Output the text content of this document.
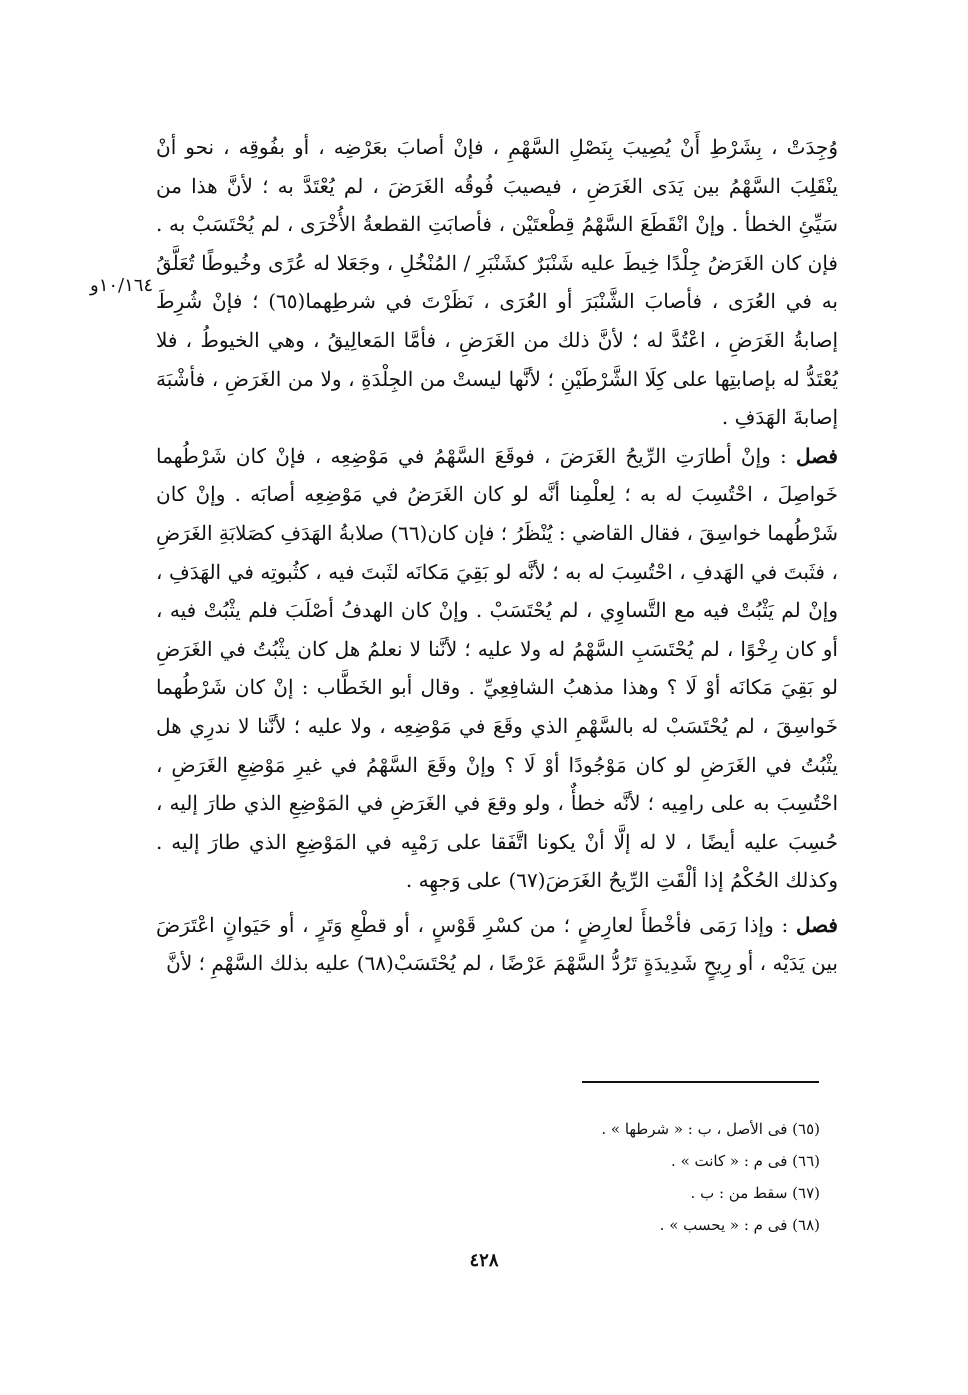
١٠/١٦٤و

وُجِدَتْ ، بِشَرْطِ أَنْ يُصِيبَ بِنَصْلِ السَّهْمِ ، فإنْ أصابَ بعَرْضِه ، أو بفُوقِه ، نحو أنْ ينْقَلِبَ السَّهْمُ بين يَدَى الغَرَضِ ، فيصيبَ فُوقُه الغَرَضَ ، لم يُعْتَدَّ به ؛ لأنَّ هذا من سَيِّئِ الخطأ . وإنْ انْقَطَعَ السَّهْمُ قِطْعتَيْن ، فأصابَتِ القطعةُ الأُخْرَى ، لم يُحْتَسَبْ به . فإن كان الغَرَضُ جِلْدًا خِيطَ عليه شَنْبَرٌ كشَنْبَرِ / المُنْخُلِ ، وجَعَلا له عُرًى وخُيوطًا تُعَلَّقُ به في العُرَى ، فأصابَ الشَّنْبَرَ أو العُرَى ، نَظَرْتَ في شرطِهما(٦٥) ؛ فإنْ شُرِطَ إصابةُ الغَرَضِ ، اعْتُدَّ له ؛ لأنَّ ذلك من الغَرَضِ ، فأمَّا المَعالِيقُ ، وهي الخيوطُ ، فلا يُعْتَدُّ له بإصابتِها على كِلَا الشَّرْطَيْنِ ؛ لأنَّها ليستْ من الجِلْدَةِ ، ولا من الغَرَضِ ، فأشْبَهَ إصابةَ الهَدَفِ .

فصل : وإنْ أطارَتِ الرِّيحُ الغَرَضَ ، فوقَعَ السَّهْمُ في مَوْضِعِه ، فإنْ كان شَرْطُهما خَواصِلَ ، احْتُسِبَ له به ؛ لِعلْمِنا أنَّه لو كان الغَرَضُ في مَوْضِعِه أصابَه . وإنْ كان شَرْطُهما خواسِقَ ، فقال القاضي : يُنْظَرُ ؛ فإن كان(٦٦) صلابةُ الهَدَفِ كصَلابَةِ الغَرَضِ ، فثَبتَ في الهَدفِ ، احْتُسِبَ له به ؛ لأنَّه لو بَقِيَ مَكانَه لثَبتَ فيه ، كثُبوتِه في الهَدَفِ ، وإنْ لم يَثْبُتْ فيه مع التَّساوِي ، لم يُحْتَسَبْ . وإنْ كان الهدفُ أصْلَبَ فلم يثْبُتْ فيه ، أو كان رِخْوًا ، لم يُحْتَسَبِ السَّهْمُ له ولا عليه ؛ لأنَّنا لا نعلمُ هل كان يثْبُتُ في الغَرَضِ لو بَقِيَ مَكانَه أوْ لَا ؟ وهذا مذهبُ الشافِعِيِّ . وقال أبو الخَطَّاب : إنْ كان شَرْطُهما خَواسِقَ ، لم يُحْتَسَبْ له بالسَّهْمِ الذي وقَعَ في مَوْضِعِه ، ولا عليه ؛ لأنَّنا لا ندرِي هل يثْبُتُ في الغَرَضِ لو كان مَوْجُودًا أوْ لَا ؟ وإنْ وقَعَ السَّهْمُ في غيرِ مَوْضِعِ الغَرَضِ ، احْتُسِبَ به على رامِيه ؛ لأنَّه خطأٌ ، ولو وقعَ في الغَرَضِ في المَوْضِعِ الذي طارَ إليه ، حُسِبَ عليه أيضًا ، لا له إلَّا أنْ يكونا اتَّفَقا على رَمْيِه في المَوْضِعِ الذي طارَ إليه . وكذلك الحُكْمُ إذا ألْقَتِ الرِّيحُ الغَرَضَ(٦٧) على وَجهِه .

فصل : وإذا رَمَى فأخْطأَ لعارِضٍ ؛ من كسْرِ قَوْسٍ ، أو قطْعِ وَتَرٍ ، أو حَيَوانٍ اعْتَرَضَ بين يَدَيْه ، أو رِيحٍ شَدِيدَةٍ تَرُدُّ السَّهْمَ عَرْضًا ، لم يُحْتَسَبْ(٦٨) عليه بذلك السَّهْمِ ؛ لأنَّ

(٦٥) فى الأصل ، ب : « شرطها » .

(٦٦) فى م : « كانت » .

(٦٧) سقط من : ب .

(٦٨) فى م : « يحسب » .

٤٢٨
